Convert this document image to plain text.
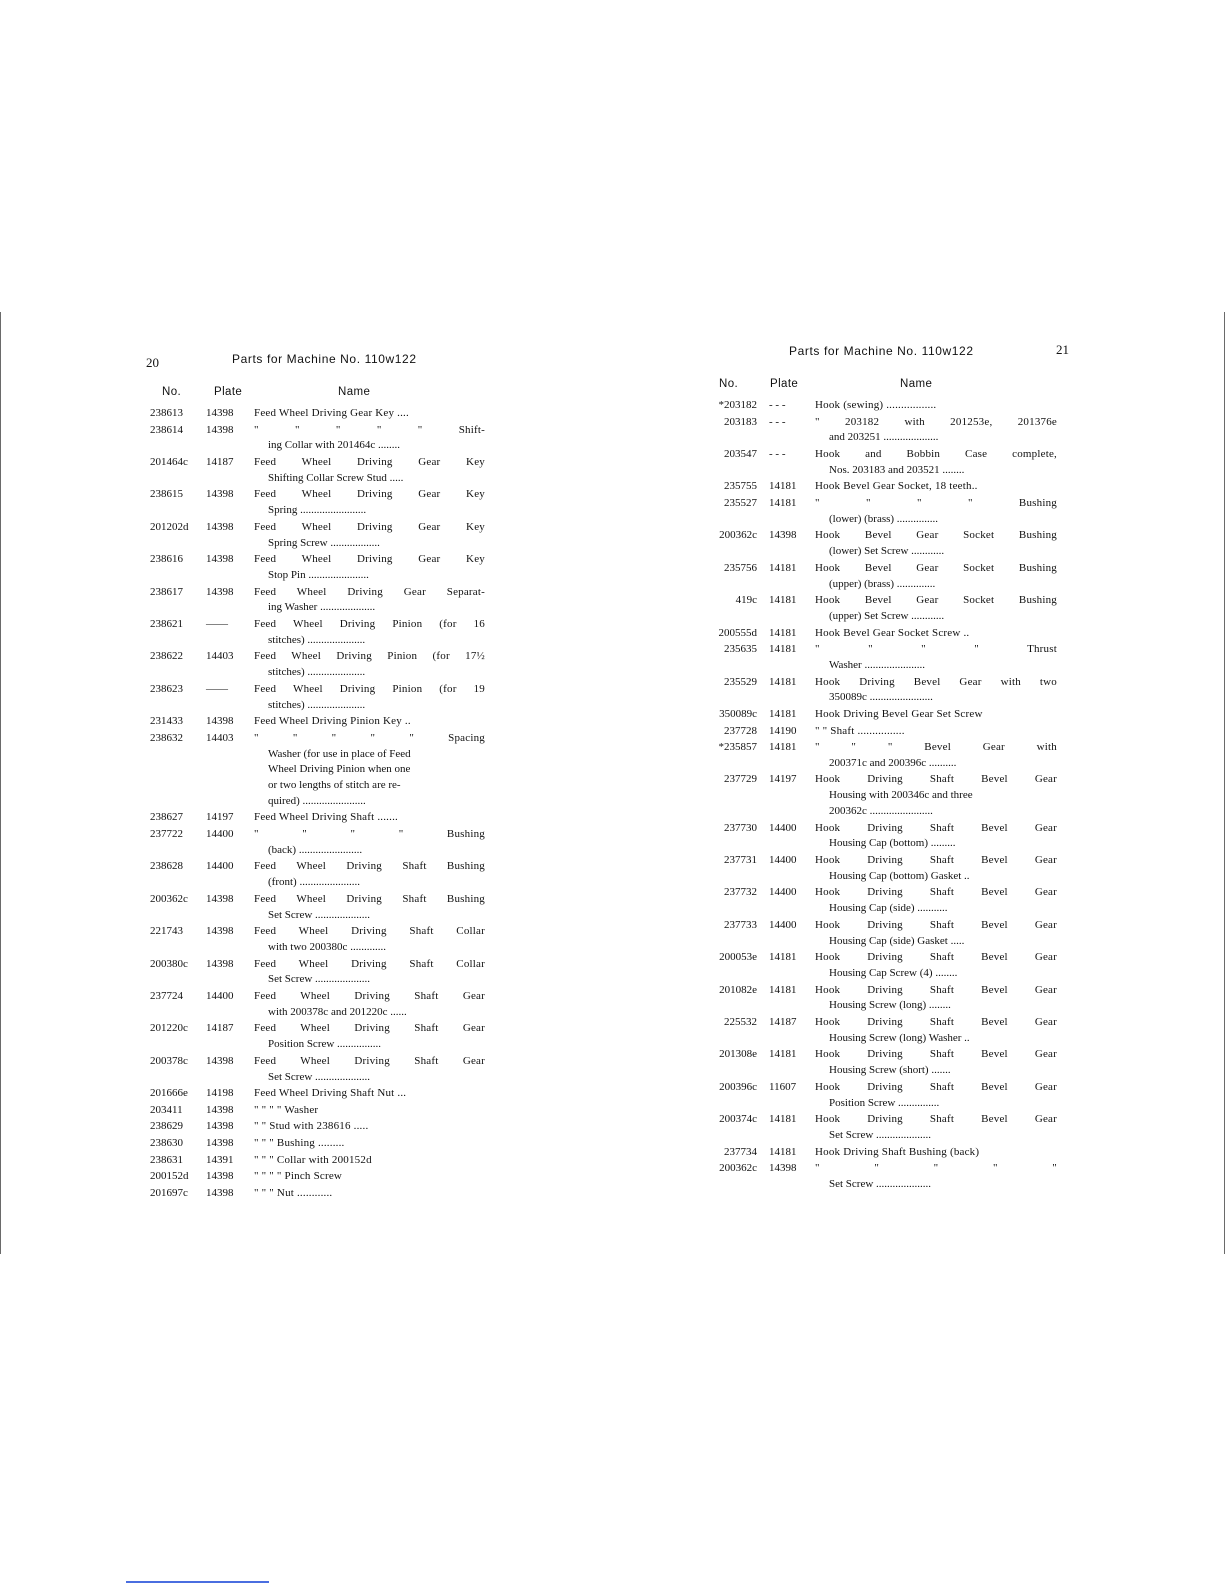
20	Parts for Machine No. 110w122
No.	Plate	Name
238613	14398	Feed Wheel Driving Gear Key ....
238614	14398	" " " " " Shift-
ing Collar with 201464c ........
201464c	14187	Feed Wheel Driving Gear Key
Shifting Collar Screw Stud .....
238615	14398	Feed Wheel Driving Gear Key
Spring ........................
201202d	14398	Feed Wheel Driving Gear Key
Spring Screw ..................
238616	14398	Feed Wheel Driving Gear Key
Stop Pin ......................
238617	14398	Feed Wheel Driving Gear Separat-
ing Washer ....................
238621	——	Feed Wheel Driving Pinion (for 16
stitches) .....................
238622	14403	Feed Wheel Driving Pinion (for 17½
stitches) .....................
238623	——	Feed Wheel Driving Pinion (for 19
stitches) .....................
231433	14398	Feed Wheel Driving Pinion Key ..
238632	14403	" " " " " Spacing
Washer (for use in place of Feed
Wheel Driving Pinion when one
or two lengths of stitch are re-
quired) .......................
238627	14197	Feed Wheel Driving Shaft .......
237722	14400	" " " " Bushing
(back) .......................
238628	14400	Feed Wheel Driving Shaft Bushing
(front) ......................
200362c	14398	Feed Wheel Driving Shaft Bushing
Set Screw ....................
221743	14398	Feed Wheel Driving Shaft Collar
with two 200380c .............
200380c	14398	Feed Wheel Driving Shaft Collar
Set Screw ....................
237724	14400	Feed Wheel Driving Shaft Gear
with 200378c and 201220c ......
201220c	14187	Feed Wheel Driving Shaft Gear
Position Screw ................
200378c	14398	Feed Wheel Driving Shaft Gear
Set Screw ....................
201666e	14198	Feed Wheel Driving Shaft Nut ...
203411	14398	" " " " Washer
238629	14398	" " Stud with 238616 .....
238630	14398	" " " Bushing .........
238631	14391	" " " Collar with 200152d
200152d	14398	" " " " Pinch Screw
201697c	14398	" " " Nut ............
Parts for Machine No. 110w122	21
No.	Plate	Name
*203182	- - -	Hook (sewing) .................
203183	- - -	" 203182 with 201253e, 201376e
and 203251 ....................
203547	- - -	Hook and Bobbin Case complete,
Nos. 203183 and 203521 ........
235755	14181	Hook Bevel Gear Socket, 18 teeth..
235527	14181	" " " " Bushing
(lower) (brass) ...............
200362c	14398	Hook Bevel Gear Socket Bushing
(lower) Set Screw ............
235756	14181	Hook Bevel Gear Socket Bushing
(upper) (brass) ..............
419c	14181	Hook Bevel Gear Socket Bushing
(upper) Set Screw ............
200555d	14181	Hook Bevel Gear Socket Screw ..
235635	14181	" " " " Thrust
Washer ......................
235529	14181	Hook Driving Bevel Gear with two
350089c .......................
350089c	14181	Hook Driving Bevel Gear Set Screw
237728	14190	" " Shaft ................
*235857	14181	" " " Bevel Gear with
200371c and 200396c ..........
237729	14197	Hook Driving Shaft Bevel Gear
Housing with 200346c and three
200362c .......................
237730	14400	Hook Driving Shaft Bevel Gear
Housing Cap (bottom) .........
237731	14400	Hook Driving Shaft Bevel Gear
Housing Cap (bottom) Gasket ..
237732	14400	Hook Driving Shaft Bevel Gear
Housing Cap (side) ...........
237733	14400	Hook Driving Shaft Bevel Gear
Housing Cap (side) Gasket .....
200053e	14181	Hook Driving Shaft Bevel Gear
Housing Cap Screw (4) ........
201082e	14181	Hook Driving Shaft Bevel Gear
Housing Screw (long) ........
225532	14187	Hook Driving Shaft Bevel Gear
Housing Screw (long) Washer ..
201308e	14181	Hook Driving Shaft Bevel Gear
Housing Screw (short) .......
200396c	11607	Hook Driving Shaft Bevel Gear
Position Screw ...............
200374c	14181	Hook Driving Shaft Bevel Gear
Set Screw ....................
237734	14181	Hook Driving Shaft Bushing (back)
200362c	14398	" " " " "
Set Screw ....................
